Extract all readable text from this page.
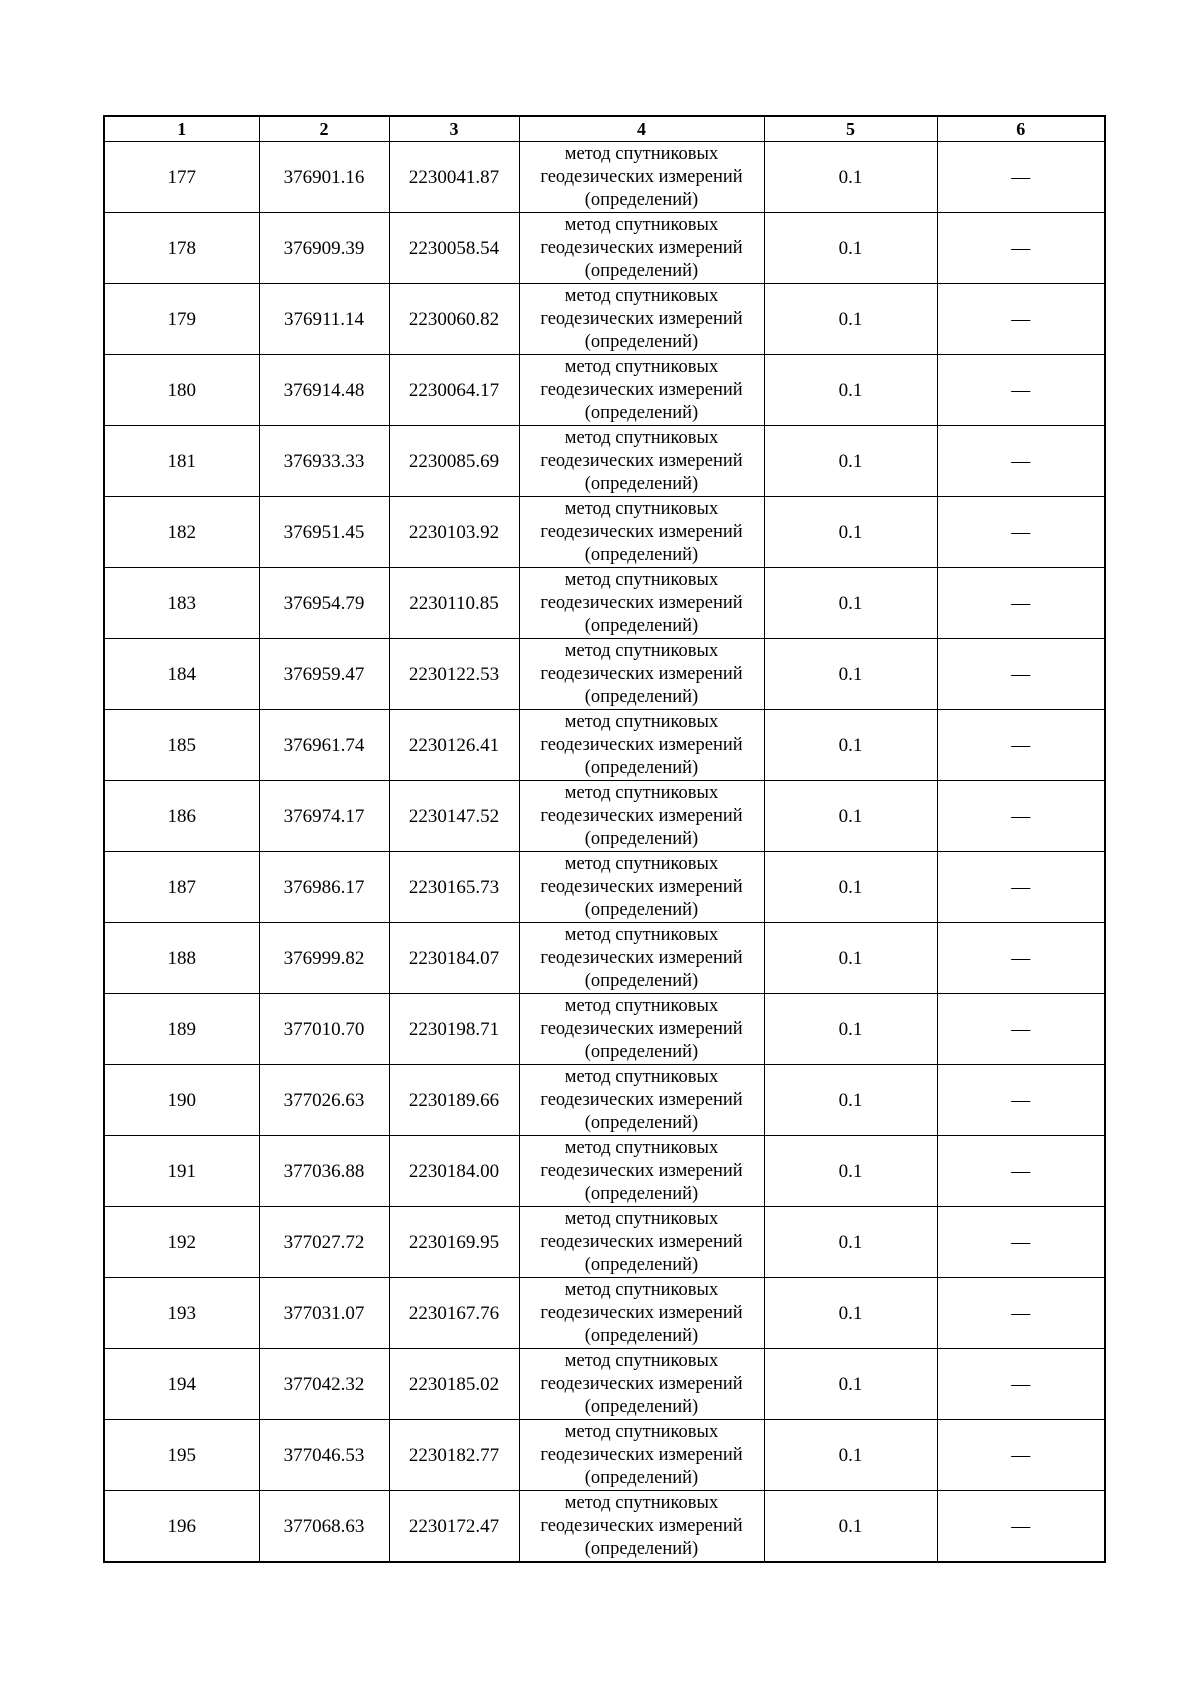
1	2	3	4	5	6
177	376901.16	2230041.87	метод спутниковых геодезических измерений (определений)	0.1	—
178	376909.39	2230058.54	метод спутниковых геодезических измерений (определений)	0.1	—
179	376911.14	2230060.82	метод спутниковых геодезических измерений (определений)	0.1	—
180	376914.48	2230064.17	метод спутниковых геодезических измерений (определений)	0.1	—
181	376933.33	2230085.69	метод спутниковых геодезических измерений (определений)	0.1	—
182	376951.45	2230103.92	метод спутниковых геодезических измерений (определений)	0.1	—
183	376954.79	2230110.85	метод спутниковых геодезических измерений (определений)	0.1	—
184	376959.47	2230122.53	метод спутниковых геодезических измерений (определений)	0.1	—
185	376961.74	2230126.41	метод спутниковых геодезических измерений (определений)	0.1	—
186	376974.17	2230147.52	метод спутниковых геодезических измерений (определений)	0.1	—
187	376986.17	2230165.73	метод спутниковых геодезических измерений (определений)	0.1	—
188	376999.82	2230184.07	метод спутниковых геодезических измерений (определений)	0.1	—
189	377010.70	2230198.71	метод спутниковых геодезических измерений (определений)	0.1	—
190	377026.63	2230189.66	метод спутниковых геодезических измерений (определений)	0.1	—
191	377036.88	2230184.00	метод спутниковых геодезических измерений (определений)	0.1	—
192	377027.72	2230169.95	метод спутниковых геодезических измерений (определений)	0.1	—
193	377031.07	2230167.76	метод спутниковых геодезических измерений (определений)	0.1	—
194	377042.32	2230185.02	метод спутниковых геодезических измерений (определений)	0.1	—
195	377046.53	2230182.77	метод спутниковых геодезических измерений (определений)	0.1	—
196	377068.63	2230172.47	метод спутниковых геодезических измерений (определений)	0.1	—
